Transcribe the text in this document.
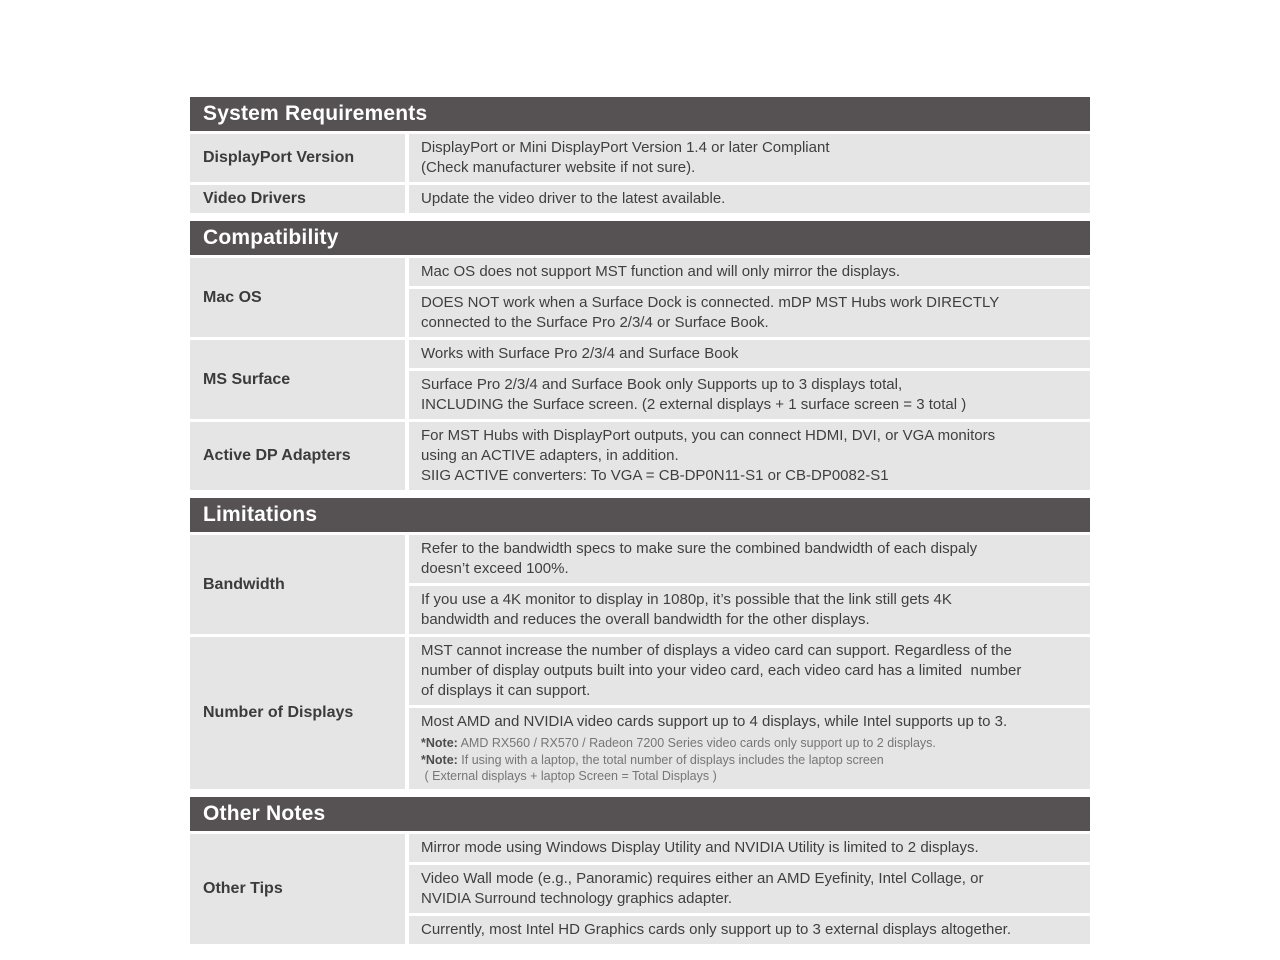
System Requirements
DisplayPort Version
DisplayPort or Mini DisplayPort Version 1.4 or later Compliant
(Check manufacturer website if not sure).
Video Drivers	Update the video driver to the latest available.
Compatibility
Mac OS
Mac OS does not support MST function and will only mirror the displays.
DOES NOT work when a Surface Dock is connected. mDP MST Hubs work DIRECTLY
connected to the Surface Pro 2/3/4 or Surface Book.
MS Surface
Works with Surface Pro 2/3/4 and Surface Book
Surface Pro 2/3/4 and Surface Book only Supports up to 3 displays total,
INCLUDING the Surface screen. (2 external displays + 1 surface screen = 3 total )
Active DP Adapters
For MST Hubs with DisplayPort outputs, you can connect HDMI, DVI, or VGA monitors
using an ACTIVE adapters, in addition.
SIIG ACTIVE converters: To VGA = CB-DP0N11-S1 or CB-DP0082-S1
Limitations
Bandwidth
Refer to the bandwidth specs to make sure the combined bandwidth of each dispaly
doesn’t exceed 100%.
If you use a 4K monitor to display in 1080p, it’s possible that the link still gets 4K
bandwidth and reduces the overall bandwidth for the other displays.
Number of Displays
MST cannot increase the number of displays a video card can support. Regardless of the
number of display outputs built into your video card, each video card has a limited  number
of displays it can support.
Most AMD and NVIDIA video cards support up to 4 displays, while Intel supports up to 3.
*Note: AMD RX560 / RX570 / Radeon 7200 Series video cards only support up to 2 displays.
*Note: If using with a laptop, the total number of displays includes the laptop screen
( External displays + laptop Screen = Total Displays )
Other Notes
Other Tips
Mirror mode using Windows Display Utility and NVIDIA Utility is limited to 2 displays.
Video Wall mode (e.g., Panoramic) requires either an AMD Eyefinity, Intel Collage, or
NVIDIA Surround technology graphics adapter.
Currently, most Intel HD Graphics cards only support up to 3 external displays altogether.
